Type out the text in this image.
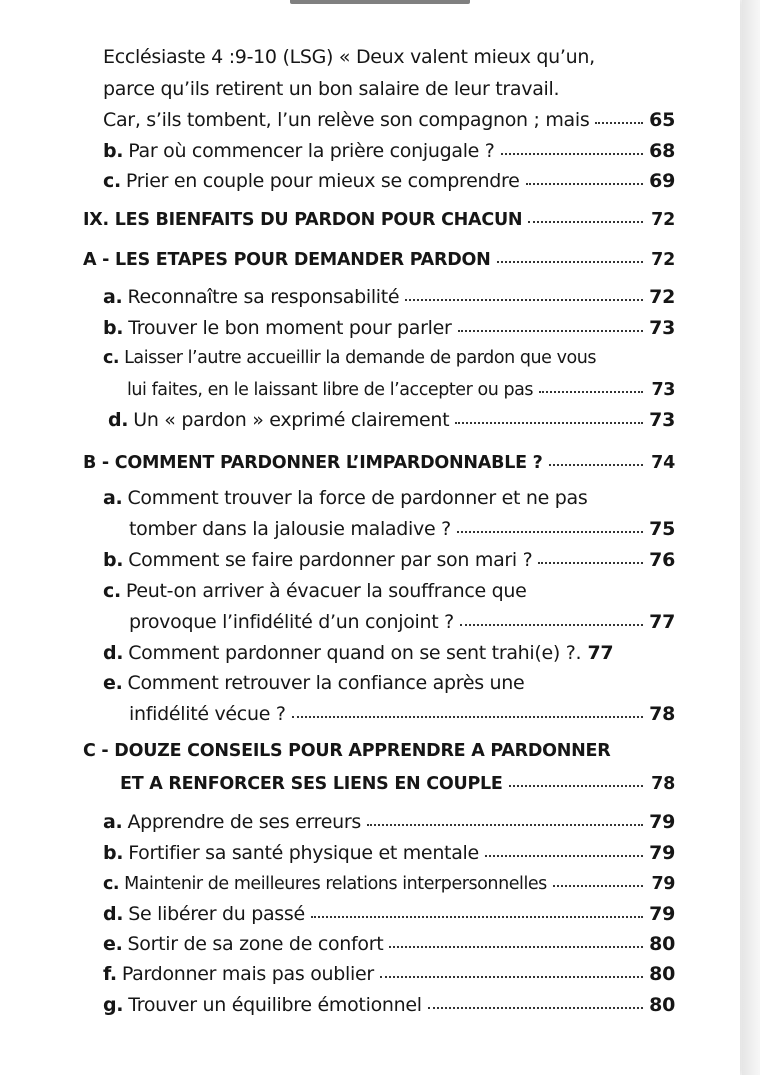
Ecclésiaste 4 :9-10 (LSG) « Deux valent mieux qu’un,
parce qu’ils retirent un bon salaire de leur travail.
Car, s’ils tombent, l’un relève son compagnon ; mais	65
b. Par où commencer la prière conjugale ?	68
c. Prier en couple pour mieux se comprendre	69
IX. LES BIENFAITS DU PARDON POUR CHACUN	72
A - LES ETAPES POUR DEMANDER PARDON	72
a. Reconnaître sa responsabilité	72
b. Trouver le bon moment pour parler	73
c. Laisser l’autre accueillir la demande de pardon que vous
lui faites, en le laissant libre de l’accepter ou pas	73
d. Un « pardon » exprimé clairement	73
B - COMMENT PARDONNER L’IMPARDONNABLE ?	74
a. Comment trouver la force de pardonner et ne pas
tomber dans la jalousie maladive ?	75
b. Comment se faire pardonner par son mari ?	76
c. Peut-on arriver à évacuer la souffrance que
provoque l’infidélité d’un conjoint ?	77
d. Comment pardonner quand on se sent trahi(e) ?. 77
e. Comment retrouver la confiance après une
infidélité vécue ?	78
C - DOUZE CONSEILS POUR APPRENDRE A PARDONNER
ET A RENFORCER SES LIENS EN COUPLE	78
a. Apprendre de ses erreurs	79
b. Fortifier sa santé physique et mentale	79
c. Maintenir de meilleures relations interpersonnelles	79
d. Se libérer du passé	79
e. Sortir de sa zone de confort	80
f. Pardonner mais pas oublier	80
g. Trouver un équilibre émotionnel	80
